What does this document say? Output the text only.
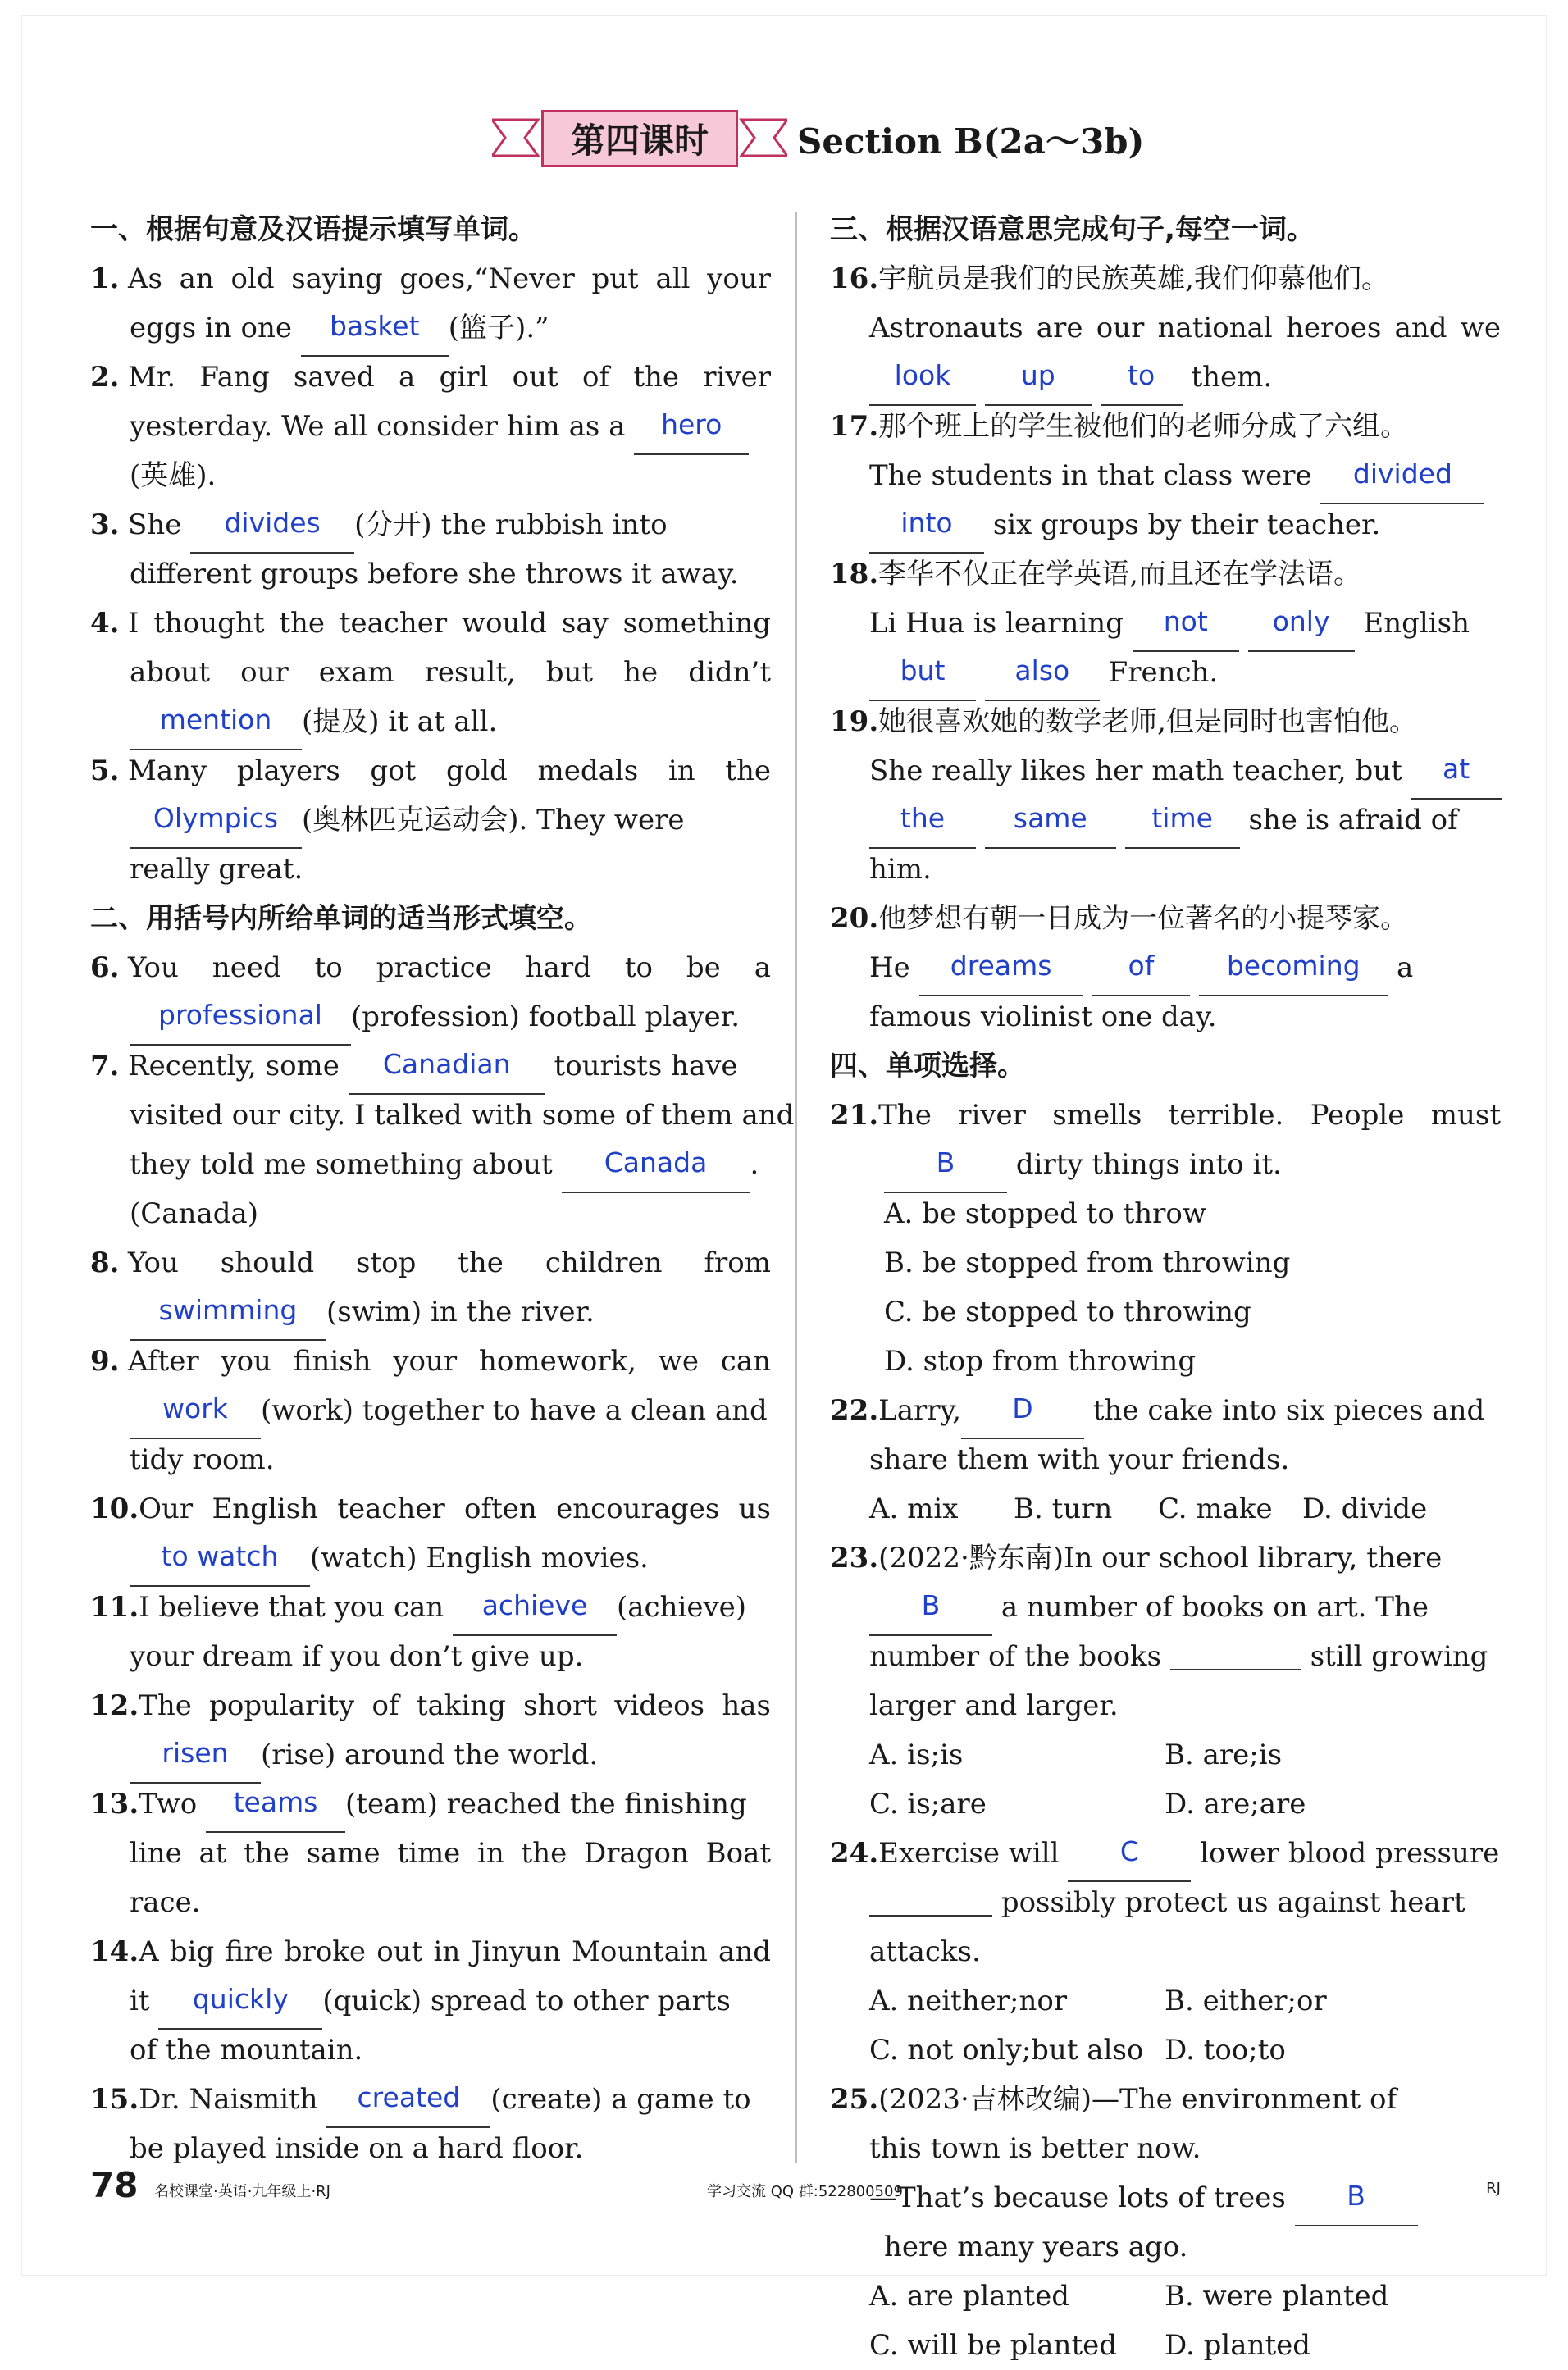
第四课时	Section B(2a～3b)
一、根据句意及汉语提示填写单词。
1. As an old saying goes,“Never put all your
eggs in one basket (篮子).”
2. Mr. Fang saved a girl out of the river
yesterday. We all consider him as a hero
(英雄).
3. She divides (分开) the rubbish into
different groups before she throws it away.
4. I thought the teacher would say something
about our exam result, but he didn’t
mention (提及) it at all.
5. Many players got gold medals in the
Olympics (奥林匹克运动会). They were
really great.
二、用括号内所给单词的适当形式填空。
6. You need to practice hard to be a
professional (profession) football player.
7. Recently, some Canadian tourists have
visited our city. I talked with some of them and
they told me something about Canada .
(Canada)
8. You should stop the children from
swimming (swim) in the river.
9. After you finish your homework, we can
work (work) together to have a clean and
tidy room.
10.Our English teacher often encourages us
to watch (watch) English movies.
11.I believe that you can achieve (achieve)
your dream if you don’t give up.
12.The popularity of taking short videos has
risen (rise) around the world.
13.Two teams (team) reached the finishing
line at the same time in the Dragon Boat
race.
14.A big fire broke out in Jinyun Mountain and
it quickly (quick) spread to other parts
of the mountain.
15.Dr. Naismith created (create) a game to
be played inside on a hard floor.
三、根据汉语意思完成句子,每空一词。
16.宇航员是我们的民族英雄,我们仰慕他们。
Astronauts are our national heroes and we
look	up	to them.
17.那个班上的学生被他们的老师分成了六组。
The students in that class were divided
into six groups by their teacher.
18.李华不仅正在学英语,而且还在学法语。
Li Hua is learning not only English
but	also French.
19.她很喜欢她的数学老师,但是同时也害怕他。
She really likes her math teacher, but at
the	same time she is afraid of
him.
20.他梦想有朝一日成为一位著名的小提琴家。
He dreams	of	becoming a
famous violinist one day.
四、单项选择。
21.The river smells terrible. People must
B dirty things into it.
A. be stopped to throw
B. be stopped from throwing
C. be stopped to throwing
D. stop from throwing
22.Larry, D the cake into six pieces and
share them with your friends.
A. mix B. turn C. make D. divide
23.(2022·黔东南)In our school library, there
B a number of books on art. The
number of the books	still growing
larger and larger.
A. is;is	B. are;is
C. is;are	D. are;are
24.Exercise will C lower blood pressure
possibly protect us against heart
attacks.
A. neither;nor	B. either;or
C. not only;but also D. too;to
25.(2023·吉林改编)—The environment of
this town is better now.
—That’s because lots of trees B
here many years ago.
A. are planted	B. were planted
C. will be planted D. planted
78 名校课堂·英语·九年级上·RJ	学习交流 QQ 群:522800509	RJ
